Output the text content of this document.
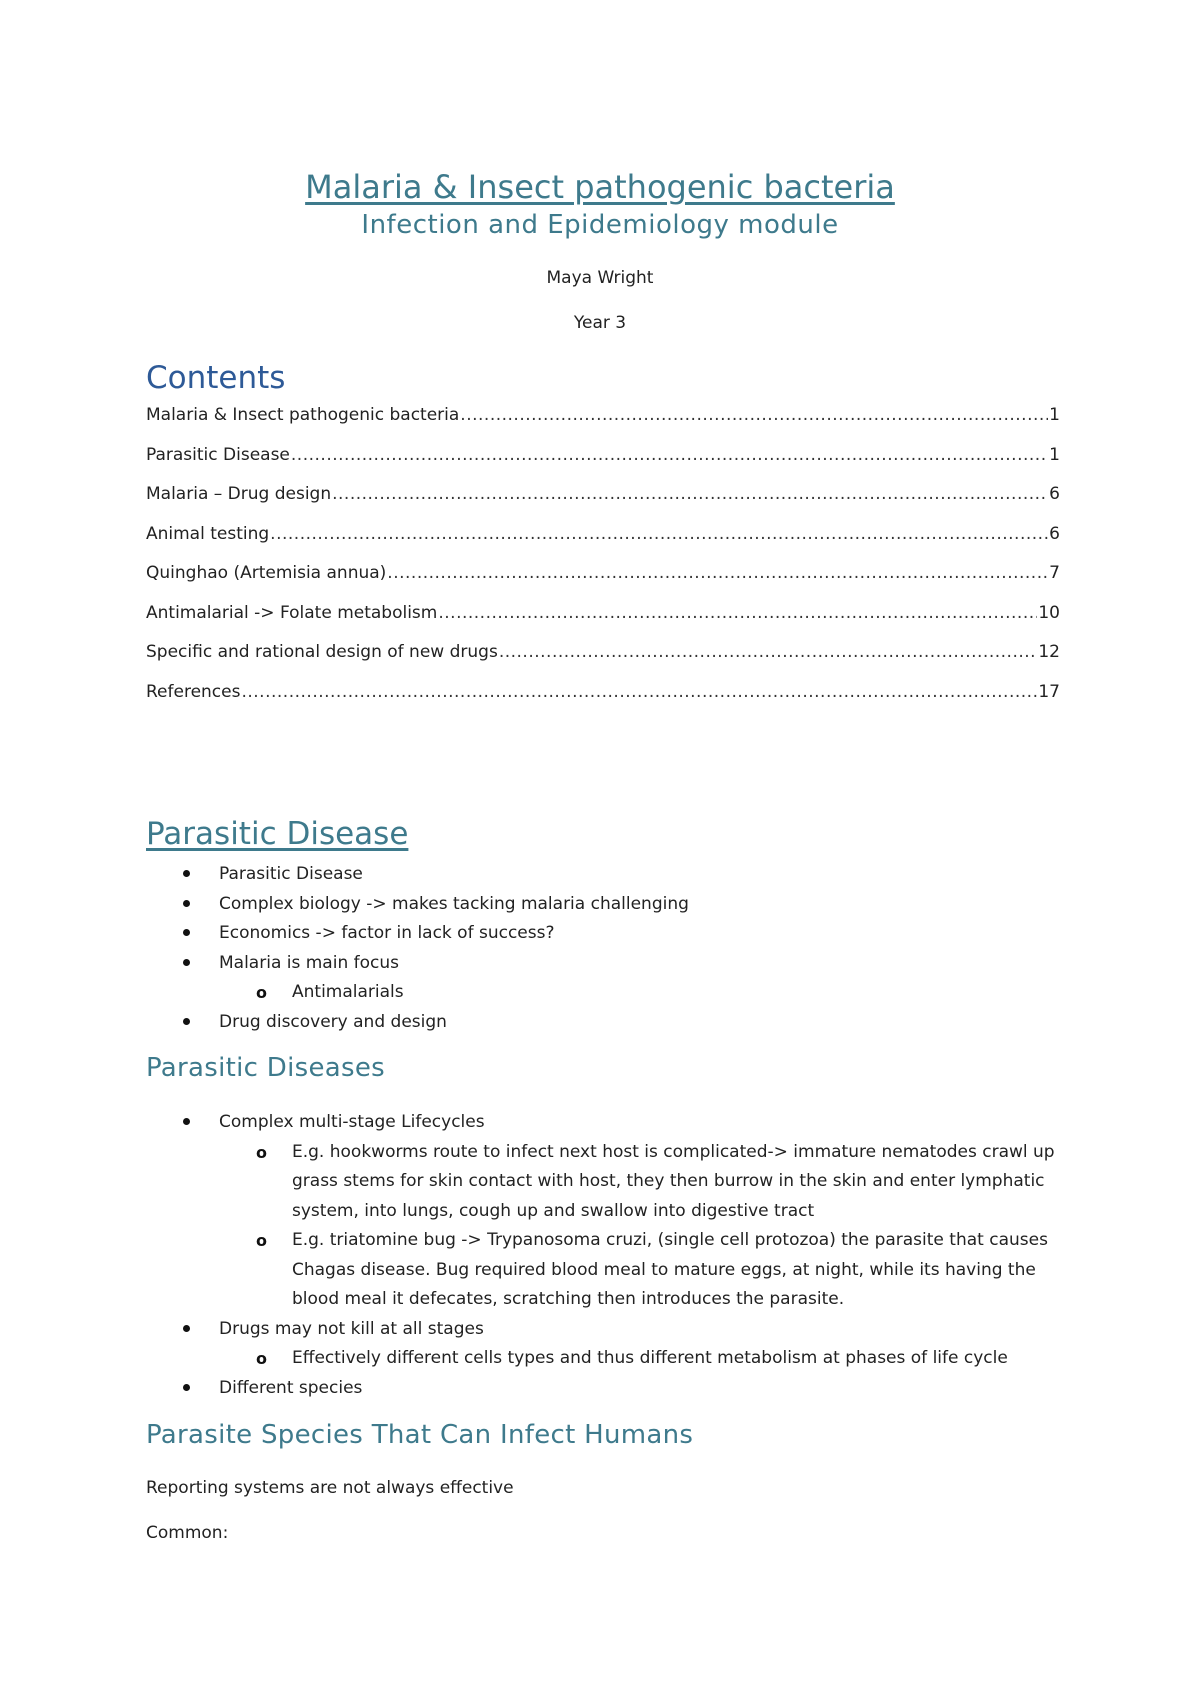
Malaria & Insect pathogenic bacteria
Infection and Epidemiology module

Maya Wright

Year 3

Contents
Malaria & Insect pathogenic bacteria .....	1
Parasitic Disease .....	1
Malaria – Drug design .....	6
Animal testing .....	6
Quinghao (Artemisia annua) .....	7
Antimalarial -> Folate metabolism .....	10
Specific and rational design of new drugs .....	12
References .....	17
Parasitic Disease
Parasitic Disease
Complex biology -> makes tacking malaria challenging
Economics -> factor in lack of success?
Malaria is main focus
o Antimalarials
Drug discovery and design
Parasitic Diseases
Complex multi-stage Lifecycles
o E.g. hookworms route to infect next host is complicated-> immature nematodes crawl up grass stems for skin contact with host, they then burrow in the skin and enter lymphatic system, into lungs, cough up and swallow into digestive tract
o E.g. triatomine bug -> Trypanosoma cruzi, (single cell protozoa) the parasite that causes Chagas disease. Bug required blood meal to mature eggs, at night, while its having the blood meal it defecates, scratching then introduces the parasite.
Drugs may not kill at all stages
o Effectively different cells types and thus different metabolism at phases of life cycle
Different species
Parasite Species That Can Infect Humans

Reporting systems are not always effective

Common:
